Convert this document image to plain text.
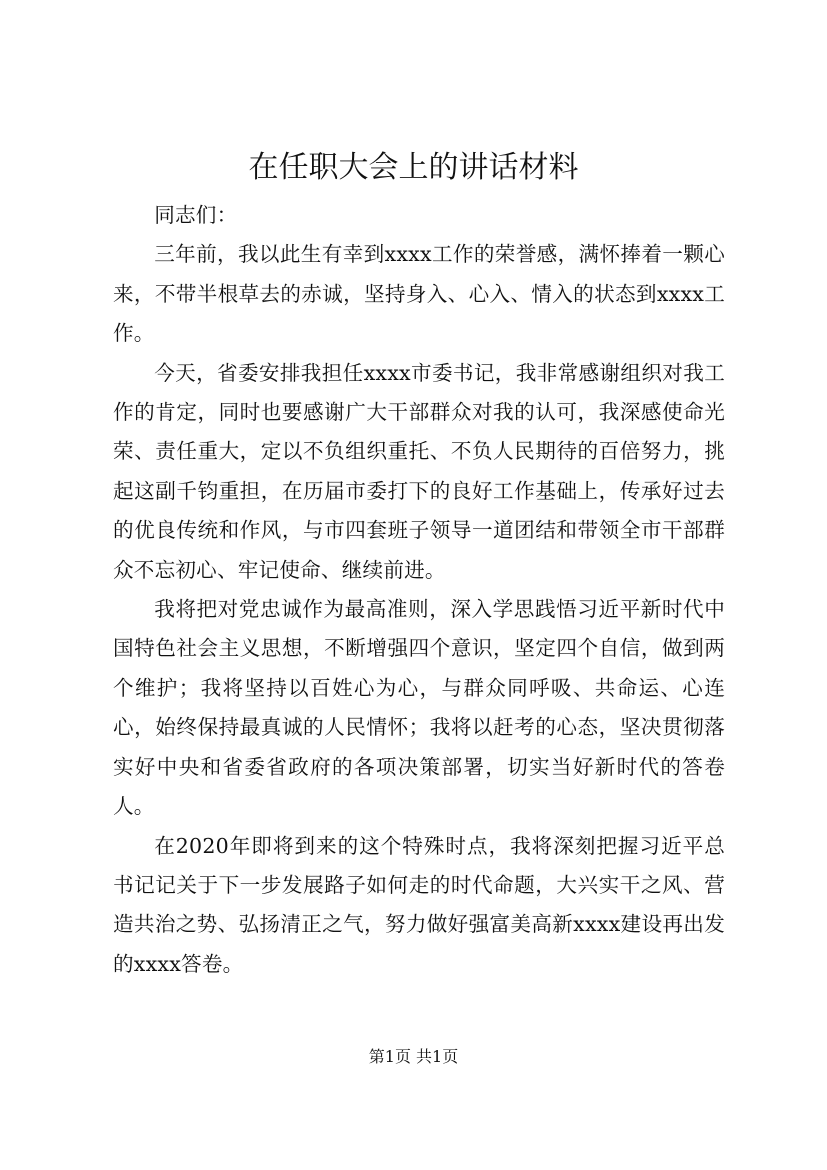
在任职大会上的讲话材料

同志们：

三年前，我以此生有幸到xxxx工作的荣誉感，满怀捧着一颗心来，不带半根草去的赤诚，坚持身入、心入、情入的状态到xxxx工作。

今天，省委安排我担任xxxx市委书记，我非常感谢组织对我工作的肯定，同时也要感谢广大干部群众对我的认可，我深感使命光荣、责任重大，定以不负组织重托、不负人民期待的百倍努力，挑起这副千钧重担，在历届市委打下的良好工作基础上，传承好过去的优良传统和作风，与市四套班子领导一道团结和带领全市干部群众不忘初心、牢记使命、继续前进。

我将把对党忠诚作为最高准则，深入学思践悟习近平新时代中国特色社会主义思想，不断增强四个意识，坚定四个自信，做到两个维护；我将坚持以百姓心为心，与群众同呼吸、共命运、心连心，始终保持最真诚的人民情怀；我将以赶考的心态，坚决贯彻落实好中央和省委省政府的各项决策部署，切实当好新时代的答卷人。

在2020年即将到来的这个特殊时点，我将深刻把握习近平总书记记关于下一步发展路子如何走的时代命题，大兴实干之风、营造共治之势、弘扬清正之气，努力做好强富美高新xxxx建设再出发的xxxx答卷。

第1页 共1页
